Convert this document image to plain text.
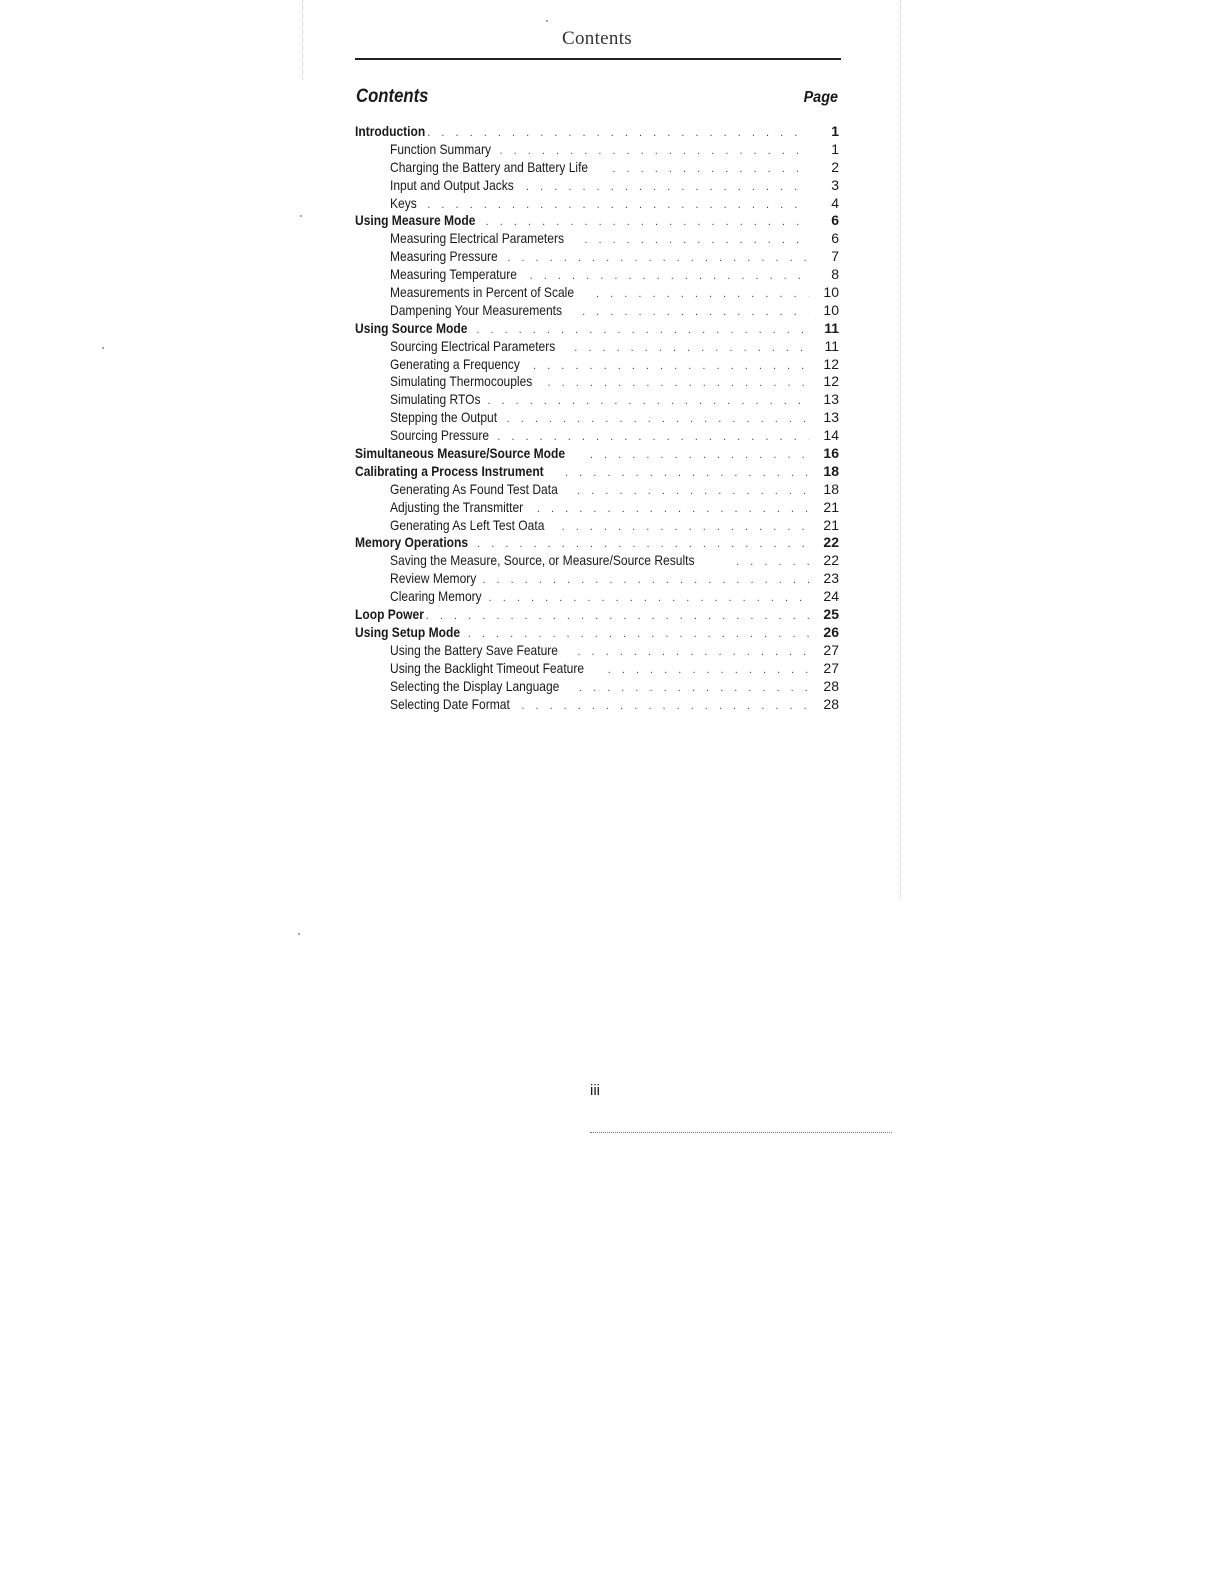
Contents
Contents	Page
Introduction . . .	1
Function Summary . . .	1
Charging the Battery and Battery Life . . .	2
Input and Output Jacks . . .	3
Keys . . .	4
Using Measure Mode . . .	6
Measuring Electrical Parameters . . .	6
Measuring Pressure . . .	7
Measuring Temperature . . .	8
Measurements in Percent of Scale . . .	10
Dampening Your Measurements . . .	10
Using Source Mode . . .	11
Sourcing Electrical Parameters . . .	11
Generating a Frequency . . .	12
Simulating Thermocouples . . .	12
Simulating RTOs . . .	13
Stepping the Output . . .	13
Sourcing Pressure . . .	14
Simultaneous Measure/Source Mode . . .	16
Calibrating a Process Instrument . . .	18
Generating As Found Test Data . . .	18
Adjusting the Transmitter . . .	21
Generating As Left Test Oata . . .	21
Memory Operations . . .	22
Saving the Measure, Source, or Measure/Source Results . . .	22
Review Memory . . .	23
Clearing Memory . . .	24
Loop Power . . .	25
Using Setup Mode . . .	26
Using the Battery Save Feature . . .	27
Using the Backlight Timeout Feature . . .	27
Selecting the Display Language . . .	28
Selecting Date Format . . .	28
iii
